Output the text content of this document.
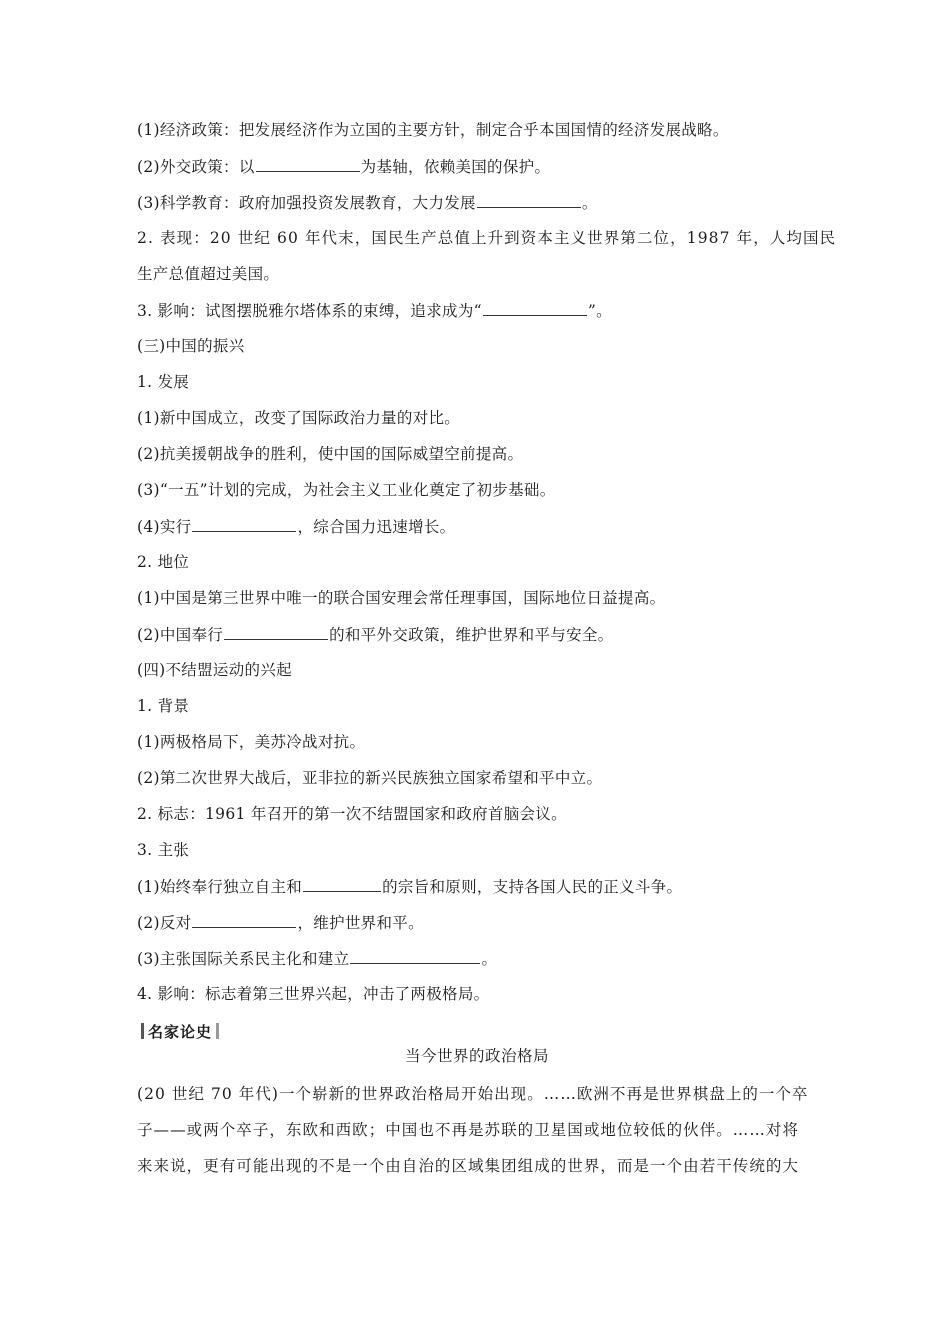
(1)经济政策：把发展经济作为立国的主要方针，制定合乎本国国情的经济发展战略。
(2)外交政策：以	为基轴，依赖美国的保护。
(3)科学教育：政府加强投资发展教育，大力发展	。
2. 表现：20 世纪 60 年代末，国民生产总值上升到资本主义世界第二位，1987 年，人均国民
生产总值超过美国。
3. 影响：试图摆脱雅尔塔体系的束缚，追求成为“	”。
(三)中国的振兴
1. 发展
(1)新中国成立，改变了国际政治力量的对比。
(2)抗美援朝战争的胜利，使中国的国际威望空前提高。
(3)“一五”计划的完成，为社会主义工业化奠定了初步基础。
(4)实行	，综合国力迅速增长。
2. 地位
(1)中国是第三世界中唯一的联合国安理会常任理事国，国际地位日益提高。
(2)中国奉行	的和平外交政策，维护世界和平与安全。
(四)不结盟运动的兴起
1. 背景
(1)两极格局下，美苏冷战对抗。
(2)第二次世界大战后，亚非拉的新兴民族独立国家希望和平中立。
2. 标志：1961 年召开的第一次不结盟国家和政府首脑会议。
3. 主张
(1)始终奉行独立自主和	的宗旨和原则，支持各国人民的正义斗争。
(2)反对	，维护世界和平。
(3)主张国际关系民主化和建立	。
4. 影响：标志着第三世界兴起，冲击了两极格局。
名家论史
当今世界的政治格局
(20 世纪 70 年代)一个崭新的世界政治格局开始出现。……欧洲不再是世界棋盘上的一个卒
子——或两个卒子，东欧和西欧；中国也不再是苏联的卫星国或地位较低的伙伴。……对将
来来说，更有可能出现的不是一个由自治的区域集团组成的世界，而是一个由若干传统的大
